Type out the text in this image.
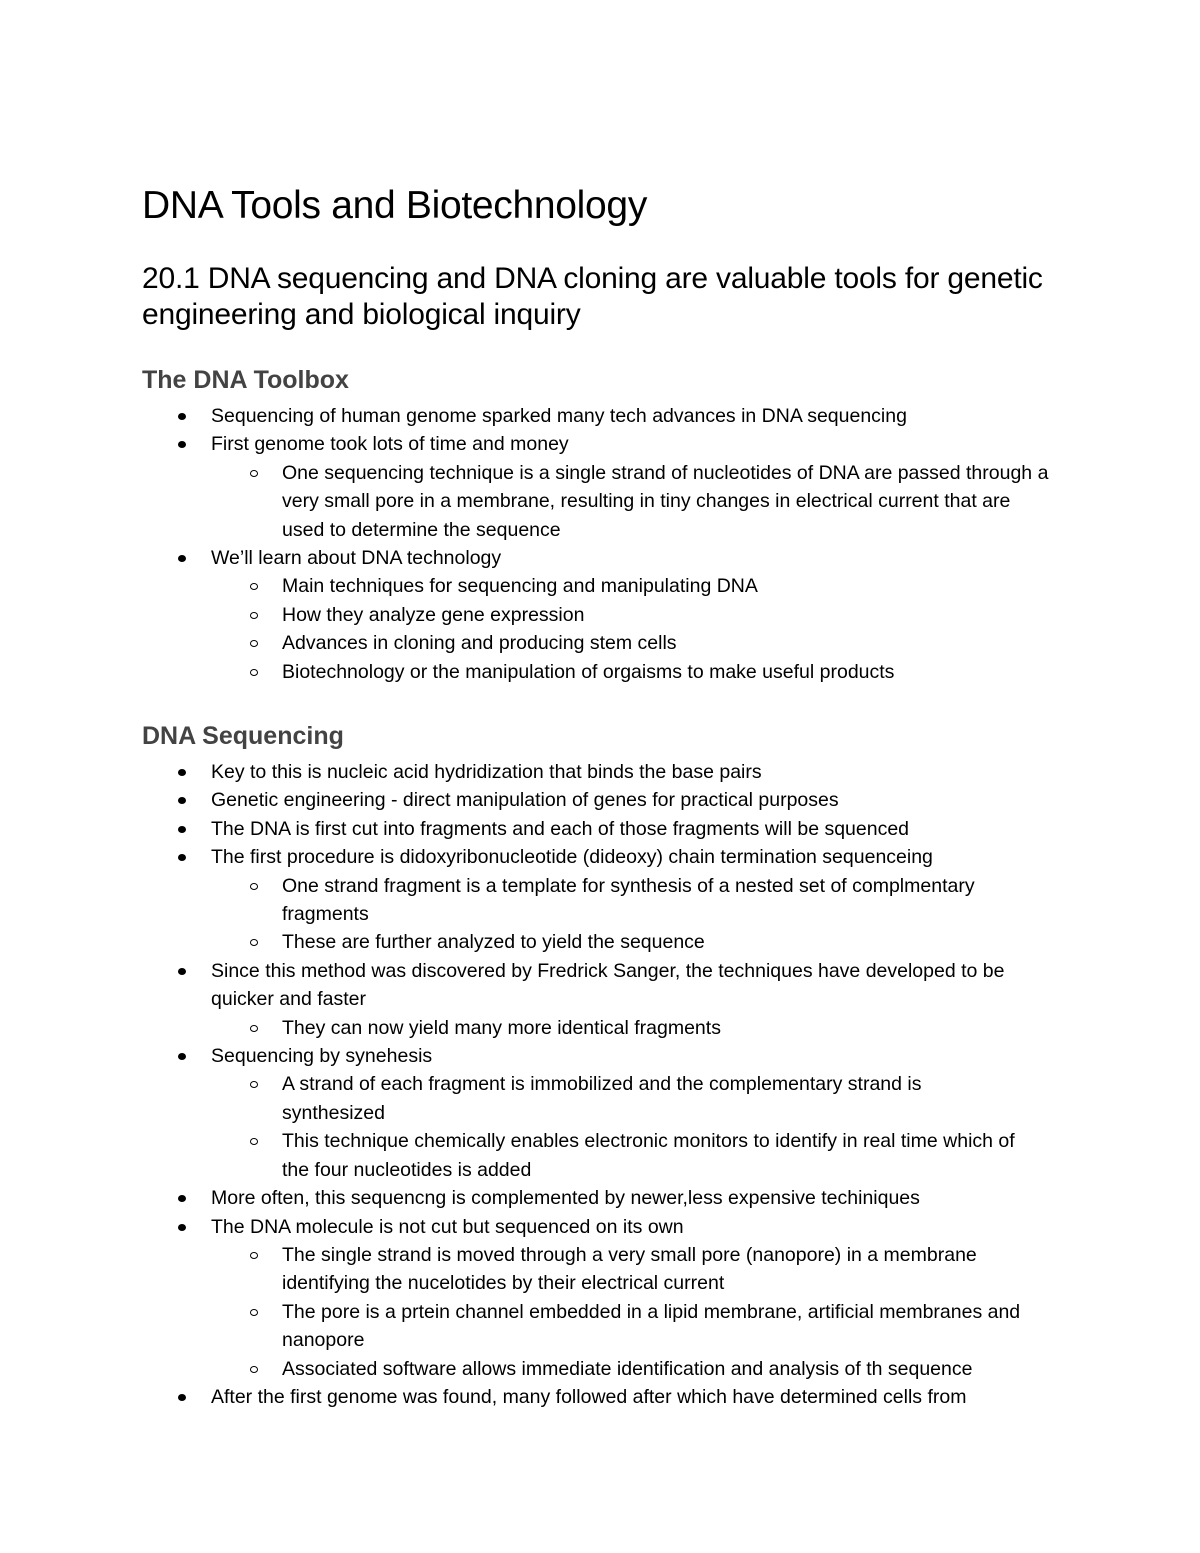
DNA Tools and Biotechnology
20.1 DNA sequencing and DNA cloning are valuable tools for genetic engineering and biological inquiry
The DNA Toolbox
Sequencing of human genome sparked many tech advances in DNA sequencing
First genome took lots of time and money
One sequencing technique is a single strand of nucleotides of DNA are passed through a very small pore in a membrane, resulting in tiny changes in electrical current that are used to determine the sequence
We’ll learn about DNA technology
Main techniques for sequencing and manipulating DNA
How they analyze gene expression
Advances in cloning and producing stem cells
Biotechnology or the manipulation of orgaisms to make useful products
DNA Sequencing
Key to this is nucleic acid hydridization that binds the base pairs
Genetic engineering - direct manipulation of genes for practical purposes
The DNA is first cut into fragments and each of those fragments will be squenced
The first procedure is didoxyribonucleotide (dideoxy) chain termination sequenceing
One strand fragment is a template for synthesis of a nested set of complmentary fragments
These are further analyzed to yield the sequence
Since this method was discovered by Fredrick Sanger, the techniques have developed to be quicker and faster
They can now yield many more identical fragments
Sequencing by synehesis
A strand of each fragment is immobilized and the complementary strand is synthesized
This technique chemically enables electronic monitors to identify in real time which of the four nucleotides is added
More often, this sequencng is complemented by newer,less expensive techiniques
The DNA molecule is not cut but sequenced on its own
The single strand is moved through a very small pore (nanopore) in a membrane identifying the nucelotides by their electrical current
The pore is a prtein channel embedded in a lipid membrane, artificial membranes and nanopore
Associated software allows immediate identification and analysis of th sequence
After the first genome was found, many followed after which have determined cells from
